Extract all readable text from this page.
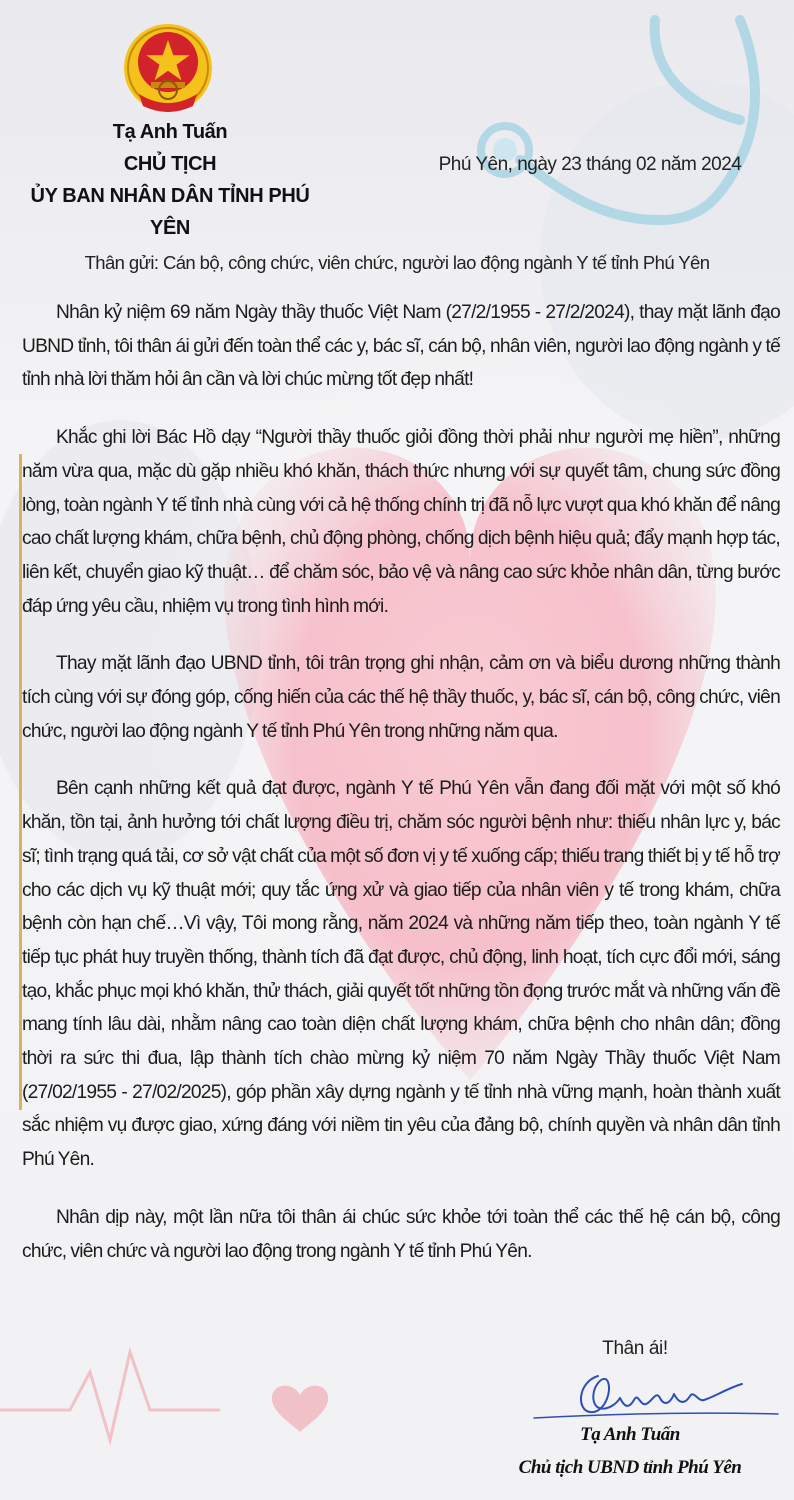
Tạ Anh Tuấn
CHỦ TỊCH
ỦY BAN NHÂN DÂN TỈNH PHÚ YÊN
Phú Yên, ngày 23 tháng 02 năm 2024
Thân gửi: Cán bộ, công chức, viên chức, người lao động ngành Y tế tỉnh Phú Yên

Nhân kỷ niệm 69 năm Ngày thầy thuốc Việt Nam (27/2/1955 - 27/2/2024), thay mặt lãnh đạo UBND tỉnh, tôi thân ái gửi đến toàn thể các y, bác sĩ, cán bộ, nhân viên, người lao động ngành y tế tỉnh nhà lời thăm hỏi ân cần và lời chúc mừng tốt đẹp nhất!

Khắc ghi lời Bác Hồ dạy “Người thầy thuốc giỏi đồng thời phải như người mẹ hiền”, những năm vừa qua, mặc dù gặp nhiều khó khăn, thách thức nhưng với sự quyết tâm, chung sức đồng lòng, toàn ngành Y tế tỉnh nhà cùng với cả hệ thống chính trị đã nỗ lực vượt qua khó khăn để nâng cao chất lượng khám, chữa bệnh, chủ động phòng, chống dịch bệnh hiệu quả; đẩy mạnh hợp tác, liên kết, chuyển giao kỹ thuật… để chăm sóc, bảo vệ và nâng cao sức khỏe nhân dân, từng bước đáp ứng yêu cầu, nhiệm vụ trong tình hình mới.

Thay mặt lãnh đạo UBND tỉnh, tôi trân trọng ghi nhận, cảm ơn và biểu dương những thành tích cùng với sự đóng góp, cống hiến của các thế hệ thầy thuốc, y, bác sĩ, cán bộ, công chức, viên chức, người lao động ngành Y tế tỉnh Phú Yên trong những năm qua.

Bên cạnh những kết quả đạt được, ngành Y tế Phú Yên vẫn đang đối mặt với một số khó khăn, tồn tại, ảnh hưởng tới chất lượng điều trị, chăm sóc người bệnh như: thiếu nhân lực y, bác sĩ; tình trạng quá tải, cơ sở vật chất của một số đơn vị y tế xuống cấp; thiếu trang thiết bị y tế hỗ trợ cho các dịch vụ kỹ thuật mới; quy tắc ứng xử và giao tiếp của nhân viên y tế trong khám, chữa bệnh còn hạn chế…Vì vậy, Tôi mong rằng, năm 2024 và những năm tiếp theo, toàn ngành Y tế tiếp tục phát huy truyền thống, thành tích đã đạt được, chủ động, linh hoạt, tích cực đổi mới, sáng tạo, khắc phục mọi khó khăn, thử thách, giải quyết tốt những tồn đọng trước mắt và những vấn đề mang tính lâu dài, nhằm nâng cao toàn diện chất lượng khám, chữa bệnh cho nhân dân; đồng thời ra sức thi đua, lập thành tích chào mừng kỷ niệm 70 năm Ngày Thầy thuốc Việt Nam (27/02/1955 - 27/02/2025), góp phần xây dựng ngành y tế tỉnh nhà vững mạnh, hoàn thành xuất sắc nhiệm vụ được giao, xứng đáng với niềm tin yêu của đảng bộ, chính quyền và nhân dân tỉnh Phú Yên.

Nhân dịp này, một lần nữa tôi thân ái chúc sức khỏe tới toàn thể các thế hệ cán bộ, công chức, viên chức và người lao động trong ngành Y tế tỉnh Phú Yên.

Thân ái!
Tạ Anh Tuấn
Chủ tịch UBND tỉnh Phú Yên
